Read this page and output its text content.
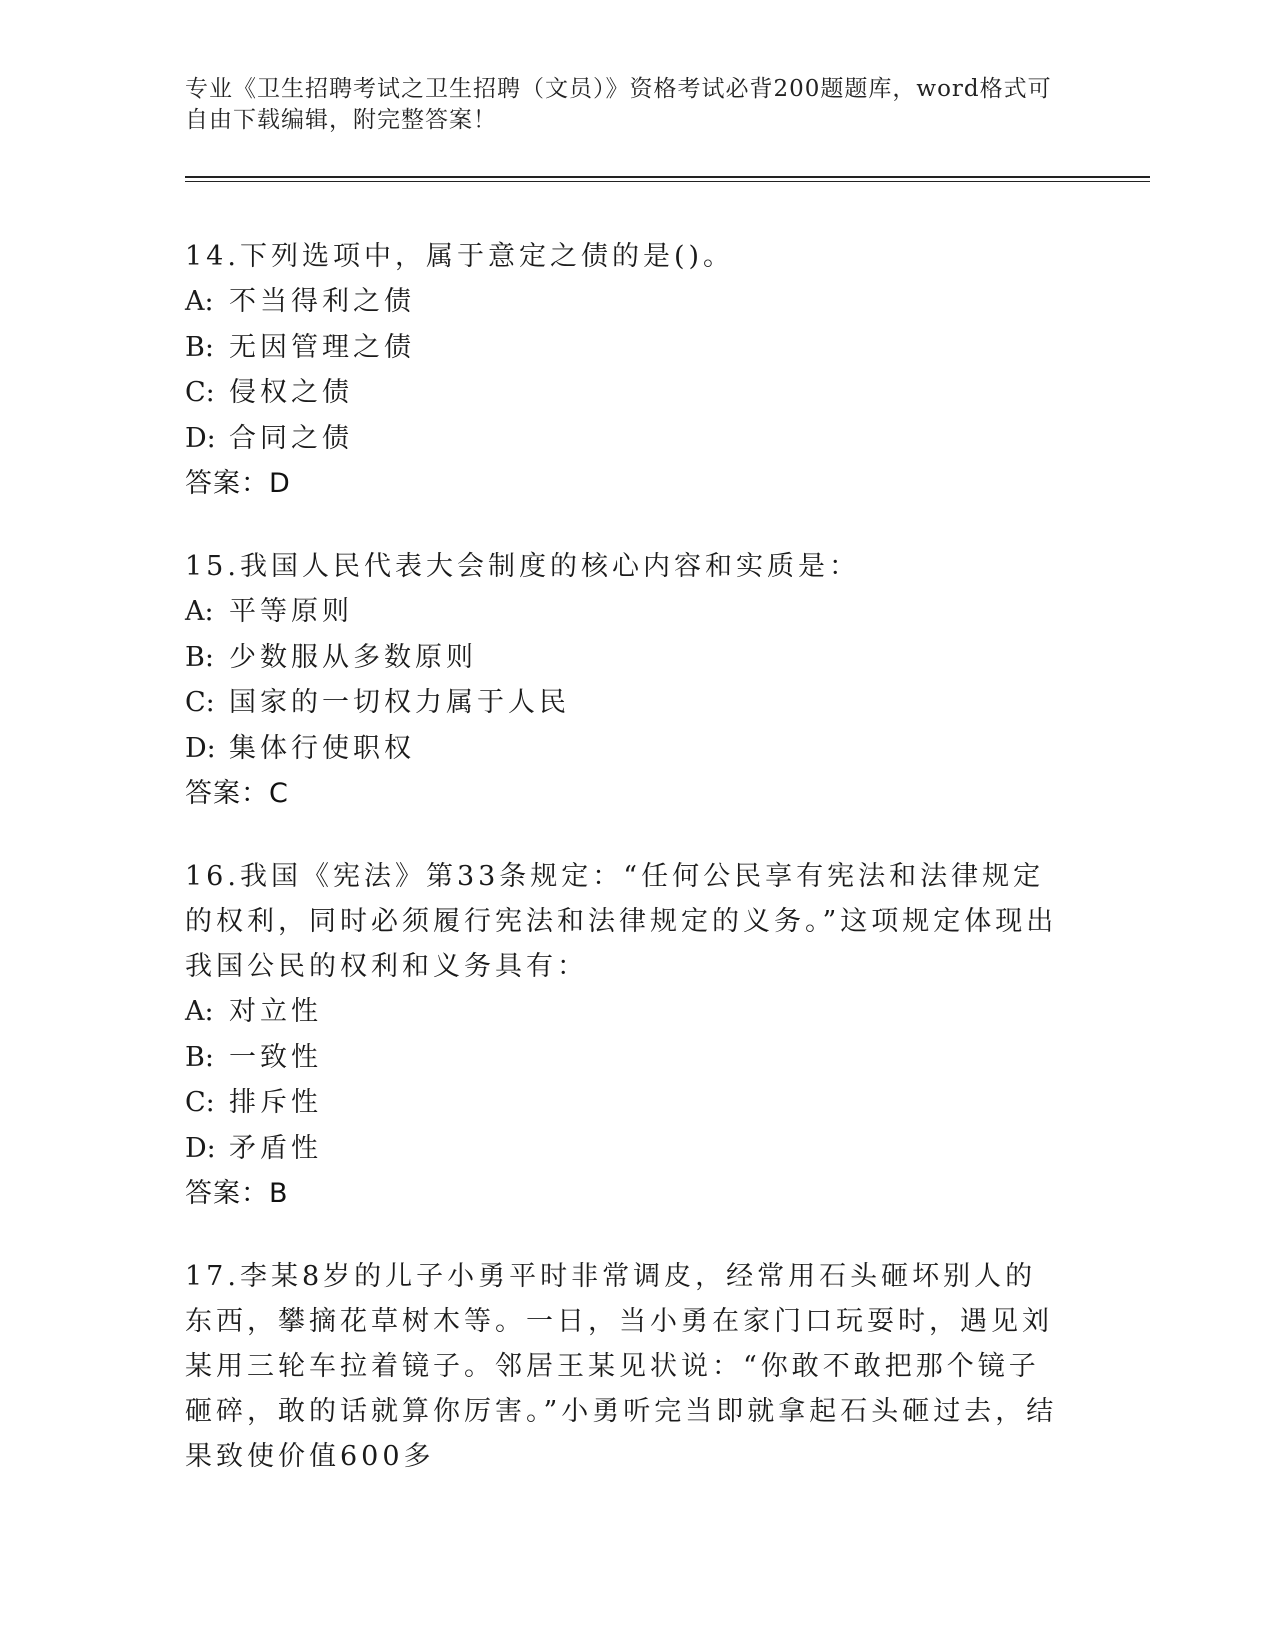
专业《卫生招聘考试之卫生招聘（文员）》资格考试必背200题题库，word格式可自由下载编辑，附完整答案！
14.下列选项中，属于意定之债的是()。
A: 不当得利之债
B: 无因管理之债
C: 侵权之债
D: 合同之债
答案：D
15.我国人民代表大会制度的核心内容和实质是：
A: 平等原则
B: 少数服从多数原则
C: 国家的一切权力属于人民
D: 集体行使职权
答案：C
16.我国《宪法》第33条规定：“任何公民享有宪法和法律规定的权利，同时必须履行宪法和法律规定的义务。”这项规定体现出我国公民的权利和义务具有：
A: 对立性
B: 一致性
C: 排斥性
D: 矛盾性
答案：B
17.李某8岁的儿子小勇平时非常调皮，经常用石头砸坏别人的东西，攀摘花草树木等。一日，当小勇在家门口玩耍时，遇见刘某用三轮车拉着镜子。邻居王某见状说：“你敢不敢把那个镜子砸碎，敢的话就算你厉害。”小勇听完当即就拿起石头砸过去，结果致使价值600多
